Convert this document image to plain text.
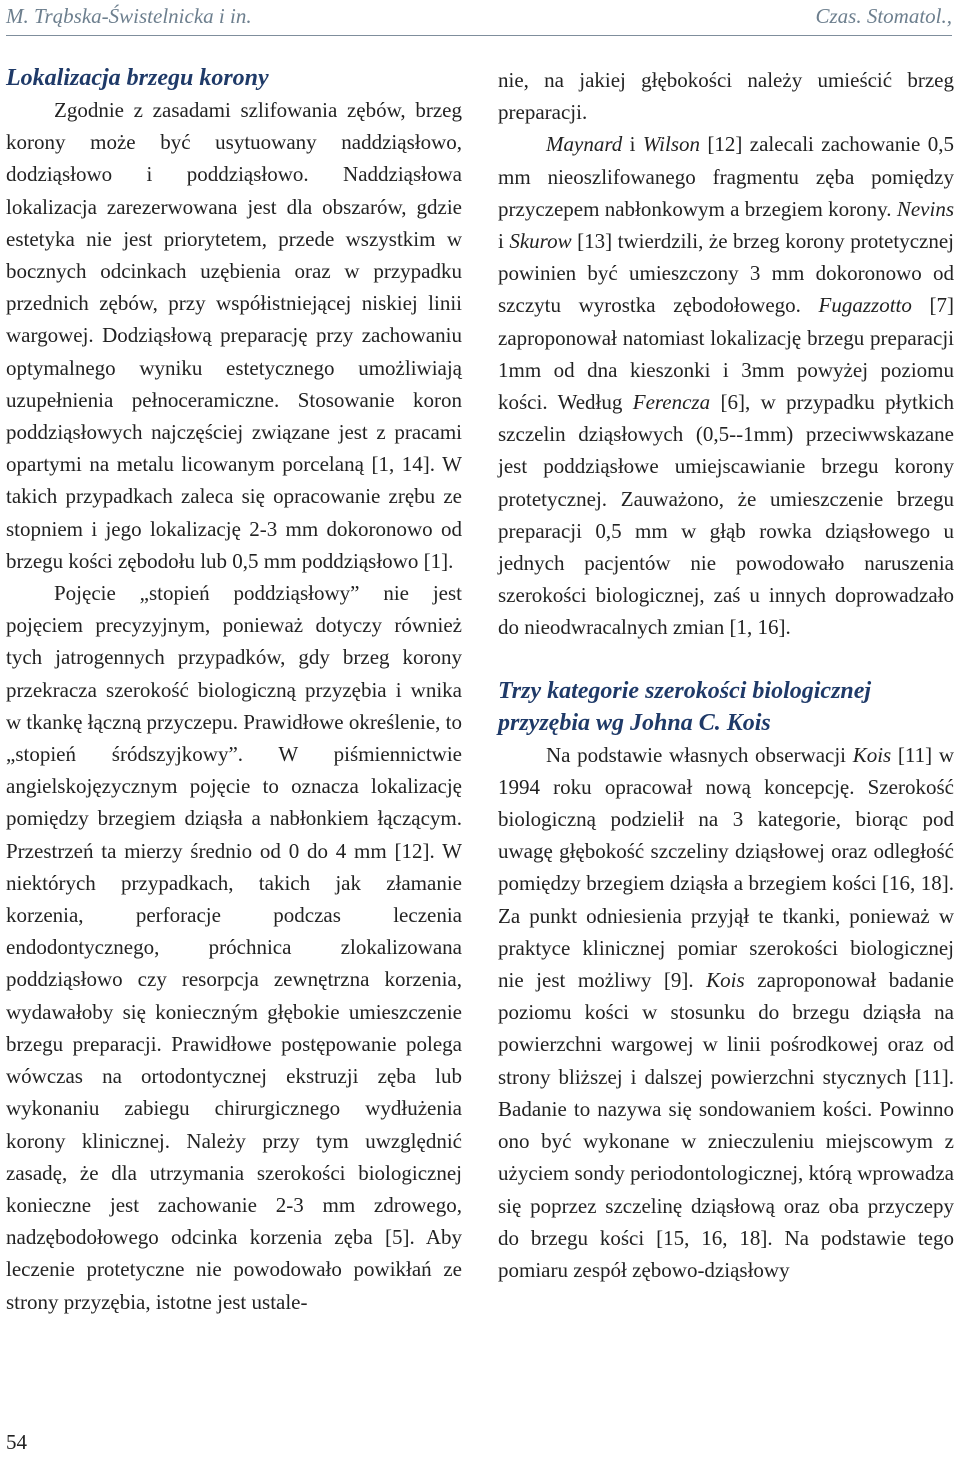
M. Trąbska-Świstelnicka i in.	Czas. Stomatol.,
Lokalizacja brzegu korony

Zgodnie z zasadami szlifowania zębów, brzeg korony może być usytuowany naddziąsłowo, dodziąsłowo i poddziąsłowo. Naddziąsłowa lokalizacja zarezerwowana jest dla obszarów, gdzie estetyka nie jest priorytetem, przede wszystkim w bocznych odcinkach uzębienia oraz w przypadku przednich zębów, przy współistniejącej niskiej linii wargowej. Dodziąsłową preparację przy zachowaniu optymalnego wyniku estetycznego umożliwiają uzupełnienia pełnoceramiczne. Stosowanie koron poddziąsłowych najczęściej związane jest z pracami opartymi na metalu licowanym porcelaną [1, 14]. W takich przypadkach zaleca się opracowanie zrębu ze stopniem i jego lokalizację 2-3 mm dokoronowo od brzegu kości zębodołu lub 0,5 mm poddziąsłowo [1].

Pojęcie „stopień poddziąsłowy” nie jest pojęciem precyzyjnym, ponieważ dotyczy również tych jatrogennych przypadków, gdy brzeg korony przekracza szerokość biologiczną przyzębia i wnika w tkankę łączną przyczepu. Prawidłowe określenie, to „stopień śródszyjkowy”. W piśmiennictwie angielskojęzycznym pojęcie to oznacza lokalizację pomiędzy brzegiem dziąsła a nabłonkiem łączącym. Przestrzeń ta mierzy średnio od 0 do 4 mm [12]. W niektórych przypadkach, takich jak złamanie korzenia, perforacje podczas leczenia endodontycznego, próchnica zlokalizowana poddziąsłowo czy resorpcja zewnętrzna korzenia, wydawałoby się konieczným głębokie umieszczenie brzegu preparacji. Prawidłowe postępowanie polega wówczas na ortodontycznej ekstruzji zęba lub wykonaniu zabiegu chirurgicznego wydłużenia korony klinicznej. Należy przy tym uwzględnić zasadę, że dla utrzymania szerokości biologicznej konieczne jest zachowanie 2-3 mm zdrowego, nadzębodołowego odcinka korzenia zęba [5]. Aby leczenie protetyczne nie powodowało powikłań ze strony przyzębia, istotne jest ustale-

nie, na jakiej głębokości należy umieścić brzeg preparacji.

Maynard i Wilson [12] zalecali zachowanie 0,5 mm nieoszlifowanego fragmentu zęba pomiędzy przyczepem nabłonkowym a brzegiem korony. Nevins i Skurow [13] twierdzili, że brzeg korony protetycznej powinien być umieszczony 3 mm dokoronowo od szczytu wyrostka zębodołowego. Fugazzotto [7] zaproponował natomiast lokalizację brzegu preparacji 1mm od dna kieszonki i 3mm powyżej poziomu kości. Według Ferencza [6], w przypadku płytkich szczelin dziąsłowych (0,5--1mm) przeciwwskazane jest poddziąsłowe umiejscawianie brzegu korony protetycznej. Zauważono, że umieszczenie brzegu preparacji 0,5 mm w głąb rowka dziąsłowego u jednych pacjentów nie powodowało naruszenia szerokości biologicznej, zaś u innych doprowadzało do nieodwracalnych zmian [1, 16].

Trzy kategorie szerokości biologicznej
przyzębia wg Johna C. Kois

Na podstawie własnych obserwacji Kois [11] w 1994 roku opracował nową koncepcję. Szerokość biologiczną podzielił na 3 kategorie, biorąc pod uwagę głębokość szczeliny dziąsłowej oraz odległość pomiędzy brzegiem dziąsła a brzegiem kości [16, 18]. Za punkt odniesienia przyjął te tkanki, ponieważ w praktyce klinicznej pomiar szerokości biologicznej nie jest możliwy [9]. Kois zaproponował badanie poziomu kości w stosunku do brzegu dziąsła na powierzchni wargowej w linii pośrodkowej oraz od strony bliższej i dalszej powierzchni stycznych [11]. Badanie to nazywa się sondowaniem kości. Powinno ono być wykonane w znieczuleniu miejscowym z użyciem sondy periodontologicznej, którą wprowadza się poprzez szczelinę dziąsłową oraz oba przyczepy do brzegu kości [15, 16, 18]. Na podstawie tego pomiaru zespół zębowo-dziąsłowy

54
